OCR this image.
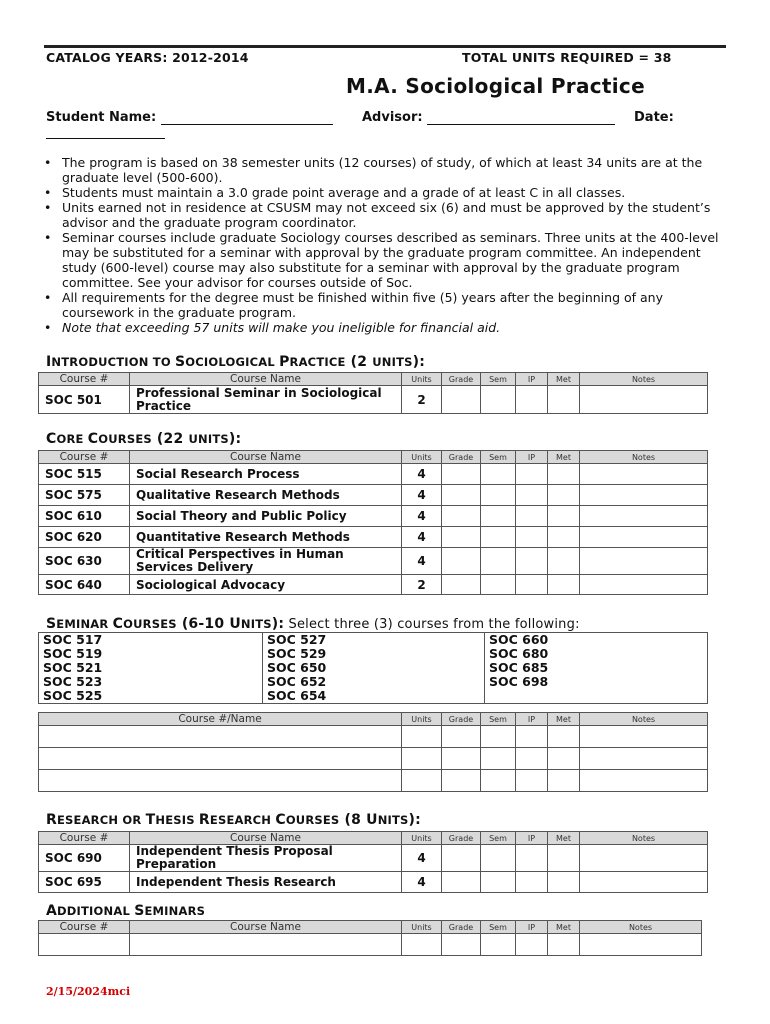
CATALOG YEARS: 2012-2014	TOTAL UNITS REQUIRED = 38
M.A. Sociological Practice
Student Name:	Advisor:	Date:
• The program is based on 38 semester units (12 courses) of study, of which at least 34 units are at the graduate level (500-600).
• Students must maintain a 3.0 grade point average and a grade of at least C in all classes.
• Units earned not in residence at CSUSM may not exceed six (6) and must be approved by the student’s advisor and the graduate program coordinator.
• Seminar courses include graduate Sociology courses described as seminars. Three units at the 400-level may be substituted for a seminar with approval by the graduate program committee. An independent study (600-level) course may also substitute for a seminar with approval by the graduate program committee. See your advisor for courses outside of Soc.
• All requirements for the degree must be finished within five (5) years after the beginning of any coursework in the graduate program.
• Note that exceeding 57 units will make you ineligible for financial aid.
INTRODUCTION TO SOCIOLOGICAL PRACTICE (2 UNITS):
Course #	Course Name	Units	Grade	Sem	IP	Met	Notes
SOC 501	Professional Seminar in Sociological Practice	2					
CORE COURSES (22 UNITS):
Course #	Course Name	Units	Grade	Sem	IP	Met	Notes
SOC 515	Social Research Process	4					
SOC 575	Qualitative Research Methods	4					
SOC 610	Social Theory and Public Policy	4					
SOC 620	Quantitative Research Methods	4					
SOC 630	Critical Perspectives in Human Services Delivery	4					
SOC 640	Sociological Advocacy	2					
SEMINAR COURSES (6-10 UNITS): Select three (3) courses from the following:
SOC 517	SOC 527	SOC 660
SOC 519	SOC 529	SOC 680
SOC 521	SOC 650	SOC 685
SOC 523	SOC 652	SOC 698
SOC 525	SOC 654	
Course #/Name	Units	Grade	Sem	IP	Met	Notes

RESEARCH OR THESIS RESEARCH COURSES (8 UNITS):
Course #	Course Name	Units	Grade	Sem	IP	Met	Notes
SOC 690	Independent Thesis Proposal Preparation	4					
SOC 695	Independent Thesis Research	4					
ADDITIONAL SEMINARS
Course #	Course Name	Units	Grade	Sem	IP	Met	Notes

2/15/2024mci
